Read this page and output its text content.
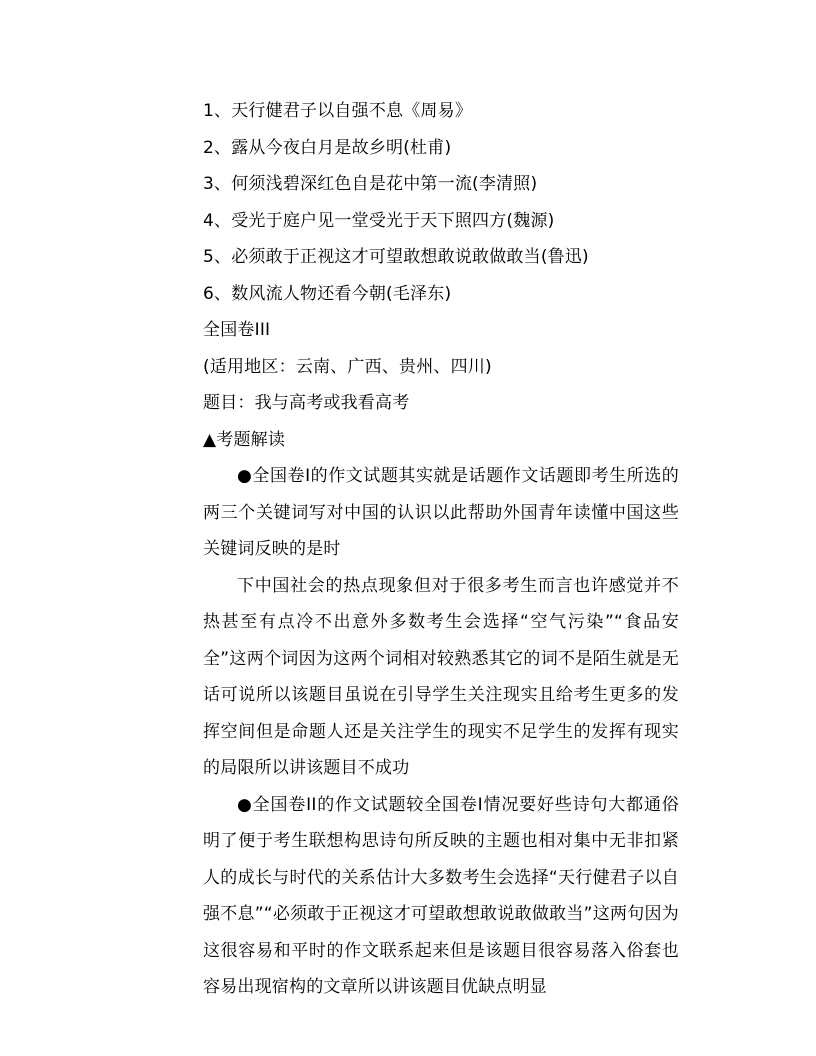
1、天行健君子以自强不息《周易》

2、露从今夜白月是故乡明(杜甫)

3、何须浅碧深红色自是花中第一流(李清照)

4、受光于庭户见一堂受光于天下照四方(魏源)

5、必须敢于正视这才可望敢想敢说敢做敢当(鲁迅)

6、数风流人物还看今朝(毛泽东)

全国卷III

(适用地区：云南、广西、贵州、四川)

题目：我与高考或我看高考

▲考题解读

●全国卷I的作文试题其实就是话题作文话题即考生所选的两三个关键词写对中国的认识以此帮助外国青年读懂中国这些关键词反映的是时

下中国社会的热点现象但对于很多考生而言也许感觉并不热甚至有点冷不出意外多数考生会选择“空气污染”“食品安全”这两个词因为这两个词相对较熟悉其它的词不是陌生就是无话可说所以该题目虽说在引导学生关注现实且给考生更多的发挥空间但是命题人还是关注学生的现实不足学生的发挥有现实的局限所以讲该题目不成功

●全国卷II的作文试题较全国卷I情况要好些诗句大都通俗明了便于考生联想构思诗句所反映的主题也相对集中无非扣紧人的成长与时代的关系估计大多数考生会选择“天行健君子以自强不息”“必须敢于正视这才可望敢想敢说敢做敢当”这两句因为这很容易和平时的作文联系起来但是该题目很容易落入俗套也容易出现宿构的文章所以讲该题目优缺点明显
